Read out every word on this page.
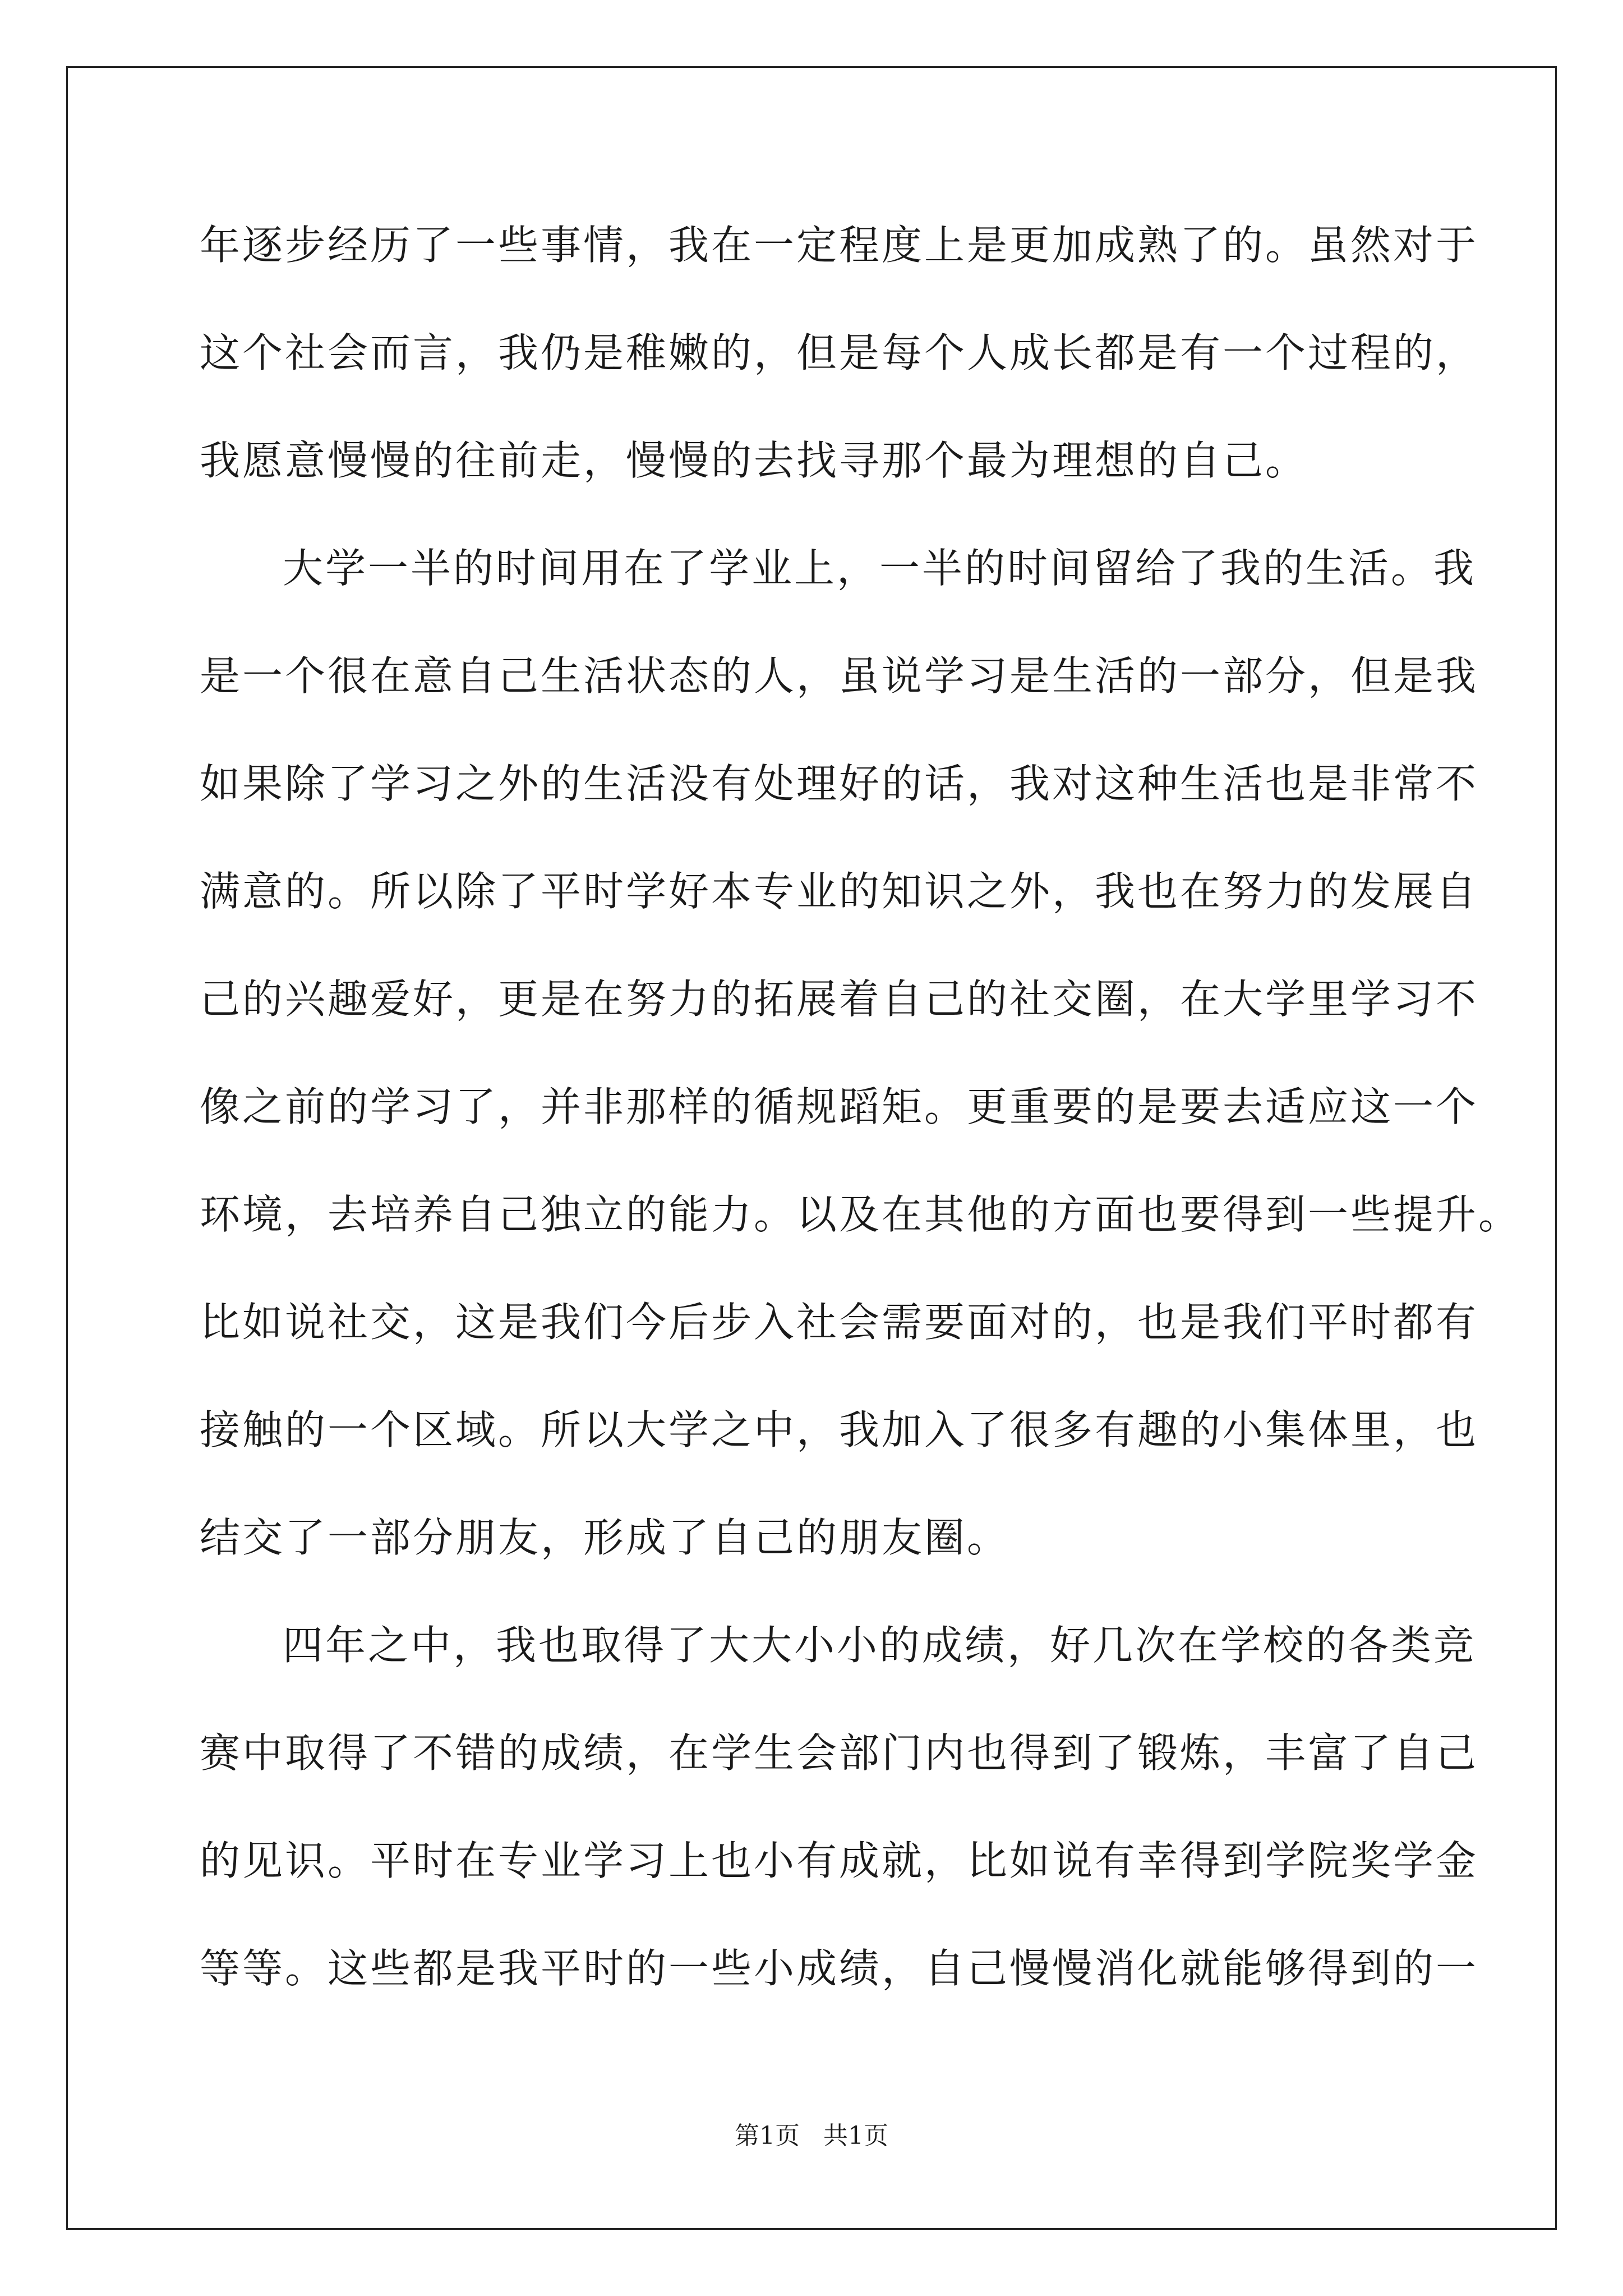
年逐步经历了一些事情，我在一定程度上是更加成熟了的。虽然对于
这个社会而言，我仍是稚嫩的，但是每个人成长都是有一个过程的，
我愿意慢慢的往前走，慢慢的去找寻那个最为理想的自己。
大学一半的时间用在了学业上，一半的时间留给了我的生活。我
是一个很在意自己生活状态的人，虽说学习是生活的一部分，但是我
如果除了学习之外的生活没有处理好的话，我对这种生活也是非常不
满意的。所以除了平时学好本专业的知识之外，我也在努力的发展自
己的兴趣爱好，更是在努力的拓展着自己的社交圈，在大学里学习不
像之前的学习了，并非那样的循规蹈矩。更重要的是要去适应这一个
环境，去培养自己独立的能力。以及在其他的方面也要得到一些提升。
比如说社交，这是我们今后步入社会需要面对的，也是我们平时都有
接触的一个区域。所以大学之中，我加入了很多有趣的小集体里，也
结交了一部分朋友，形成了自己的朋友圈。
四年之中，我也取得了大大小小的成绩，好几次在学校的各类竞
赛中取得了不错的成绩，在学生会部门内也得到了锻炼，丰富了自己
的见识。平时在专业学习上也小有成就，比如说有幸得到学院奖学金
等等。这些都是我平时的一些小成绩，自己慢慢消化就能够得到的一
第1页   共1页
